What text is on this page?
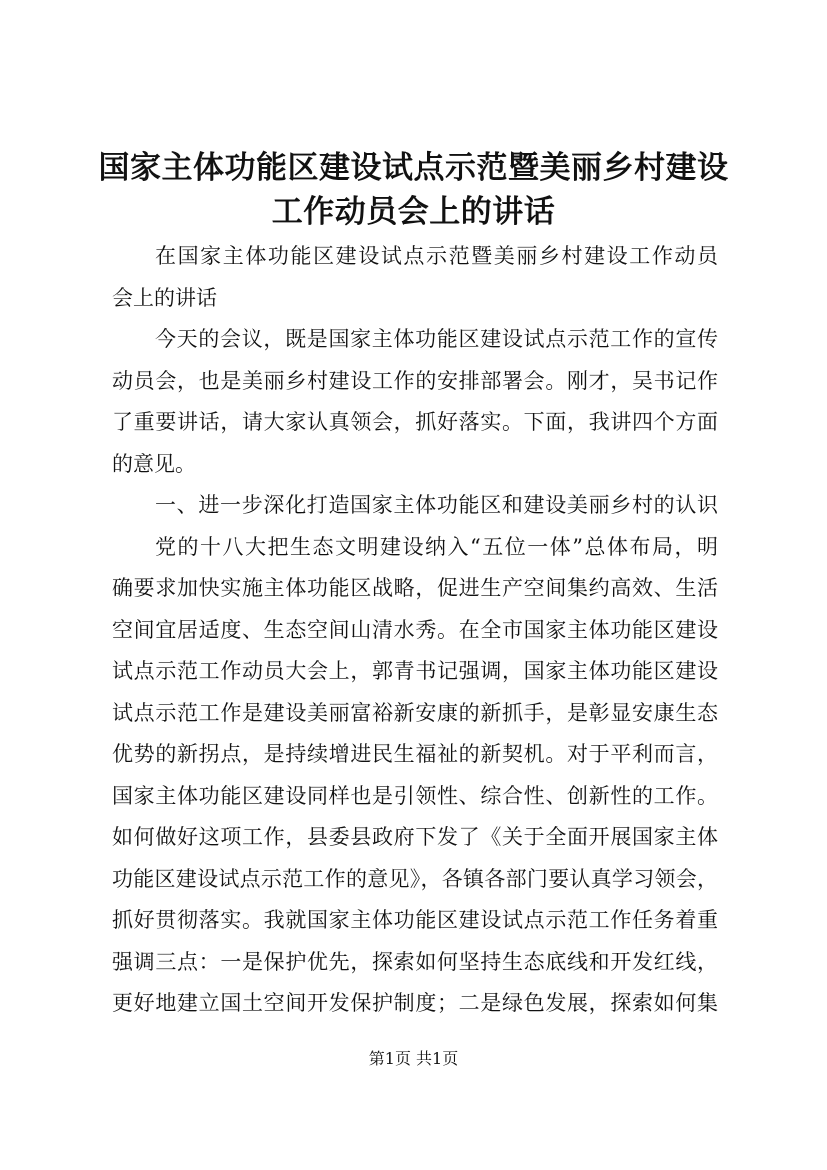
国家主体功能区建设试点示范暨美丽乡村建设
工作动员会上的讲话
在国家主体功能区建设试点示范暨美丽乡村建设工作动员
会上的讲话
今天的会议，既是国家主体功能区建设试点示范工作的宣传
动员会，也是美丽乡村建设工作的安排部署会。刚才，吴书记作
了重要讲话，请大家认真领会，抓好落实。下面，我讲四个方面
的意见。
一、进一步深化打造国家主体功能区和建设美丽乡村的认识
党的十八大把生态文明建设纳入“五位一体”总体布局，明
确要求加快实施主体功能区战略，促进生产空间集约高效、生活
空间宜居适度、生态空间山清水秀。在全市国家主体功能区建设
试点示范工作动员大会上，郭青书记强调，国家主体功能区建设
试点示范工作是建设美丽富裕新安康的新抓手，是彰显安康生态
优势的新拐点，是持续增进民生福祉的新契机。对于平利而言，
国家主体功能区建设同样也是引领性、综合性、创新性的工作。
如何做好这项工作，县委县政府下发了《关于全面开展国家主体
功能区建设试点示范工作的意见》，各镇各部门要认真学习领会，
抓好贯彻落实。我就国家主体功能区建设试点示范工作任务着重
强调三点：一是保护优先，探索如何坚持生态底线和开发红线，
更好地建立国土空间开发保护制度；二是绿色发展，探索如何集
第1页 共1页
